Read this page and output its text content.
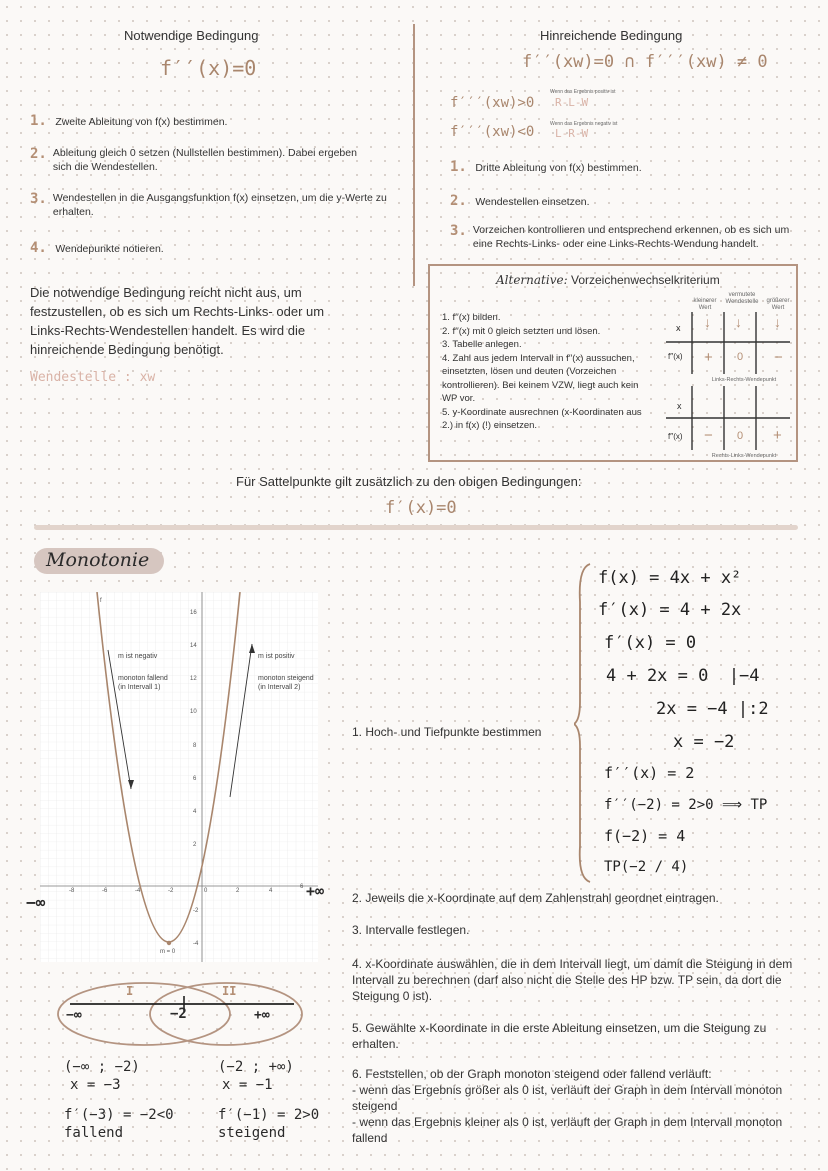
Notwendige Bedingung
f′′(x)=0
1. Zweite Ableitung von f(x) bestimmen.
2. Ableitung gleich 0 setzen (Nullstellen bestimmen). Dabei ergeben sich die Wendestellen.
3. Wendestellen in die Ausgangsfunktion f(x) einsetzen, um die y-Werte zu erhalten.
4. Wendepunkte notieren.
Die notwendige Bedingung reicht nicht aus, um festzustellen, ob es sich um Rechts-Links- oder um Links-Rechts-Wendestellen handelt. Es wird die hinreichende Bedingung benötigt.
Wendestelle : xw
Hinreichende Bedingung
f′′(xw)=0 ∩ f′′′(xw) ≠ 0
f′′′(xw)>0
Wenn das Ergebnis positiv ist
R-L-W
f′′′(xw)<0	Wenn das Ergebnis negativ ist
L-R-W
1. Dritte Ableitung von f(x) bestimmen.
2. Wendestellen einsetzen.
3. Vorzeichen kontrollieren und entsprechend erkennen, ob es sich um eine Rechts-Links- oder eine Links-Rechts-Wendung handelt.
Alternative: Vorzeichenwechselkriterium
1. f′′(x) bilden.
2. f′′(x) mit 0 gleich setzten und lösen.
3. Tabelle anlegen.
4. Zahl aus jedem Intervall in f′′(x) aussuchen, einsetzten, lösen und deuten (Vorzeichen kontrollieren). Bei keinem VZW, liegt auch kein WP vor.
5. y-Koordinate ausrechnen (x-Koordinaten aus 2.) in f(x) (!) einsetzen.
kleinerer Wert
vermutete Wendestelle	größerer Wert
x ↓ ↓ ↓
f′′(x) + 0 −
Links-Rechts-Wendepunkt
x
f′′(x) − 0 +
Rechts-Links-Wendepunkt
Für Sattelpunkte gilt zusätzlich zu den obigen Bedingungen:
f′(x)=0
Monotonie
f
16
14
12
10
8
6
4
2
-2
-4
-8	-6	-4	-2	0	2	4
6
m ist negativ
monoton fallend
(in Intervall 1)
m ist positiv
monoton steigend
(in Intervall 2)
m = 0
−∞
+∞
I	II
−∞	−2	+∞
(−∞ ; −2)
x = −3
f′(−3) = −2<0
fallend
(−2 ; +∞)
x = −1
f′(−1) = 2>0
steigend
1. Hoch- und Tiefpunkte bestimmen
2. Jeweils die x-Koordinate auf dem Zahlenstrahl geordnet eintragen.
3. Intervalle festlegen.
4. x-Koordinate auswählen, die in dem Intervall liegt, um damit die Steigung in dem Intervall zu berechnen (darf also nicht die Stelle des HP bzw. TP sein, da dort die Steigung 0 ist).
5. Gewählte x-Koordinate in die erste Ableitung einsetzen, um die Steigung zu erhalten.
6. Feststellen, ob der Graph monoton steigend oder fallend verläuft:
- wenn das Ergebnis größer als 0 ist, verläuft der Graph in dem Intervall monoton steigend
- wenn das Ergebnis kleiner als 0 ist, verläuft der Graph in dem Intervall monoton fallend
f(x) = 4x + x²
f′(x) = 4 + 2x
f′(x) = 0
4 + 2x = 0  |−4
2x = −4 |:2
x = −2
f′′(x) = 2
f′′(−2) = 2>0 ⟹ TP
f(−2) = 4
TP(−2 / 4)
